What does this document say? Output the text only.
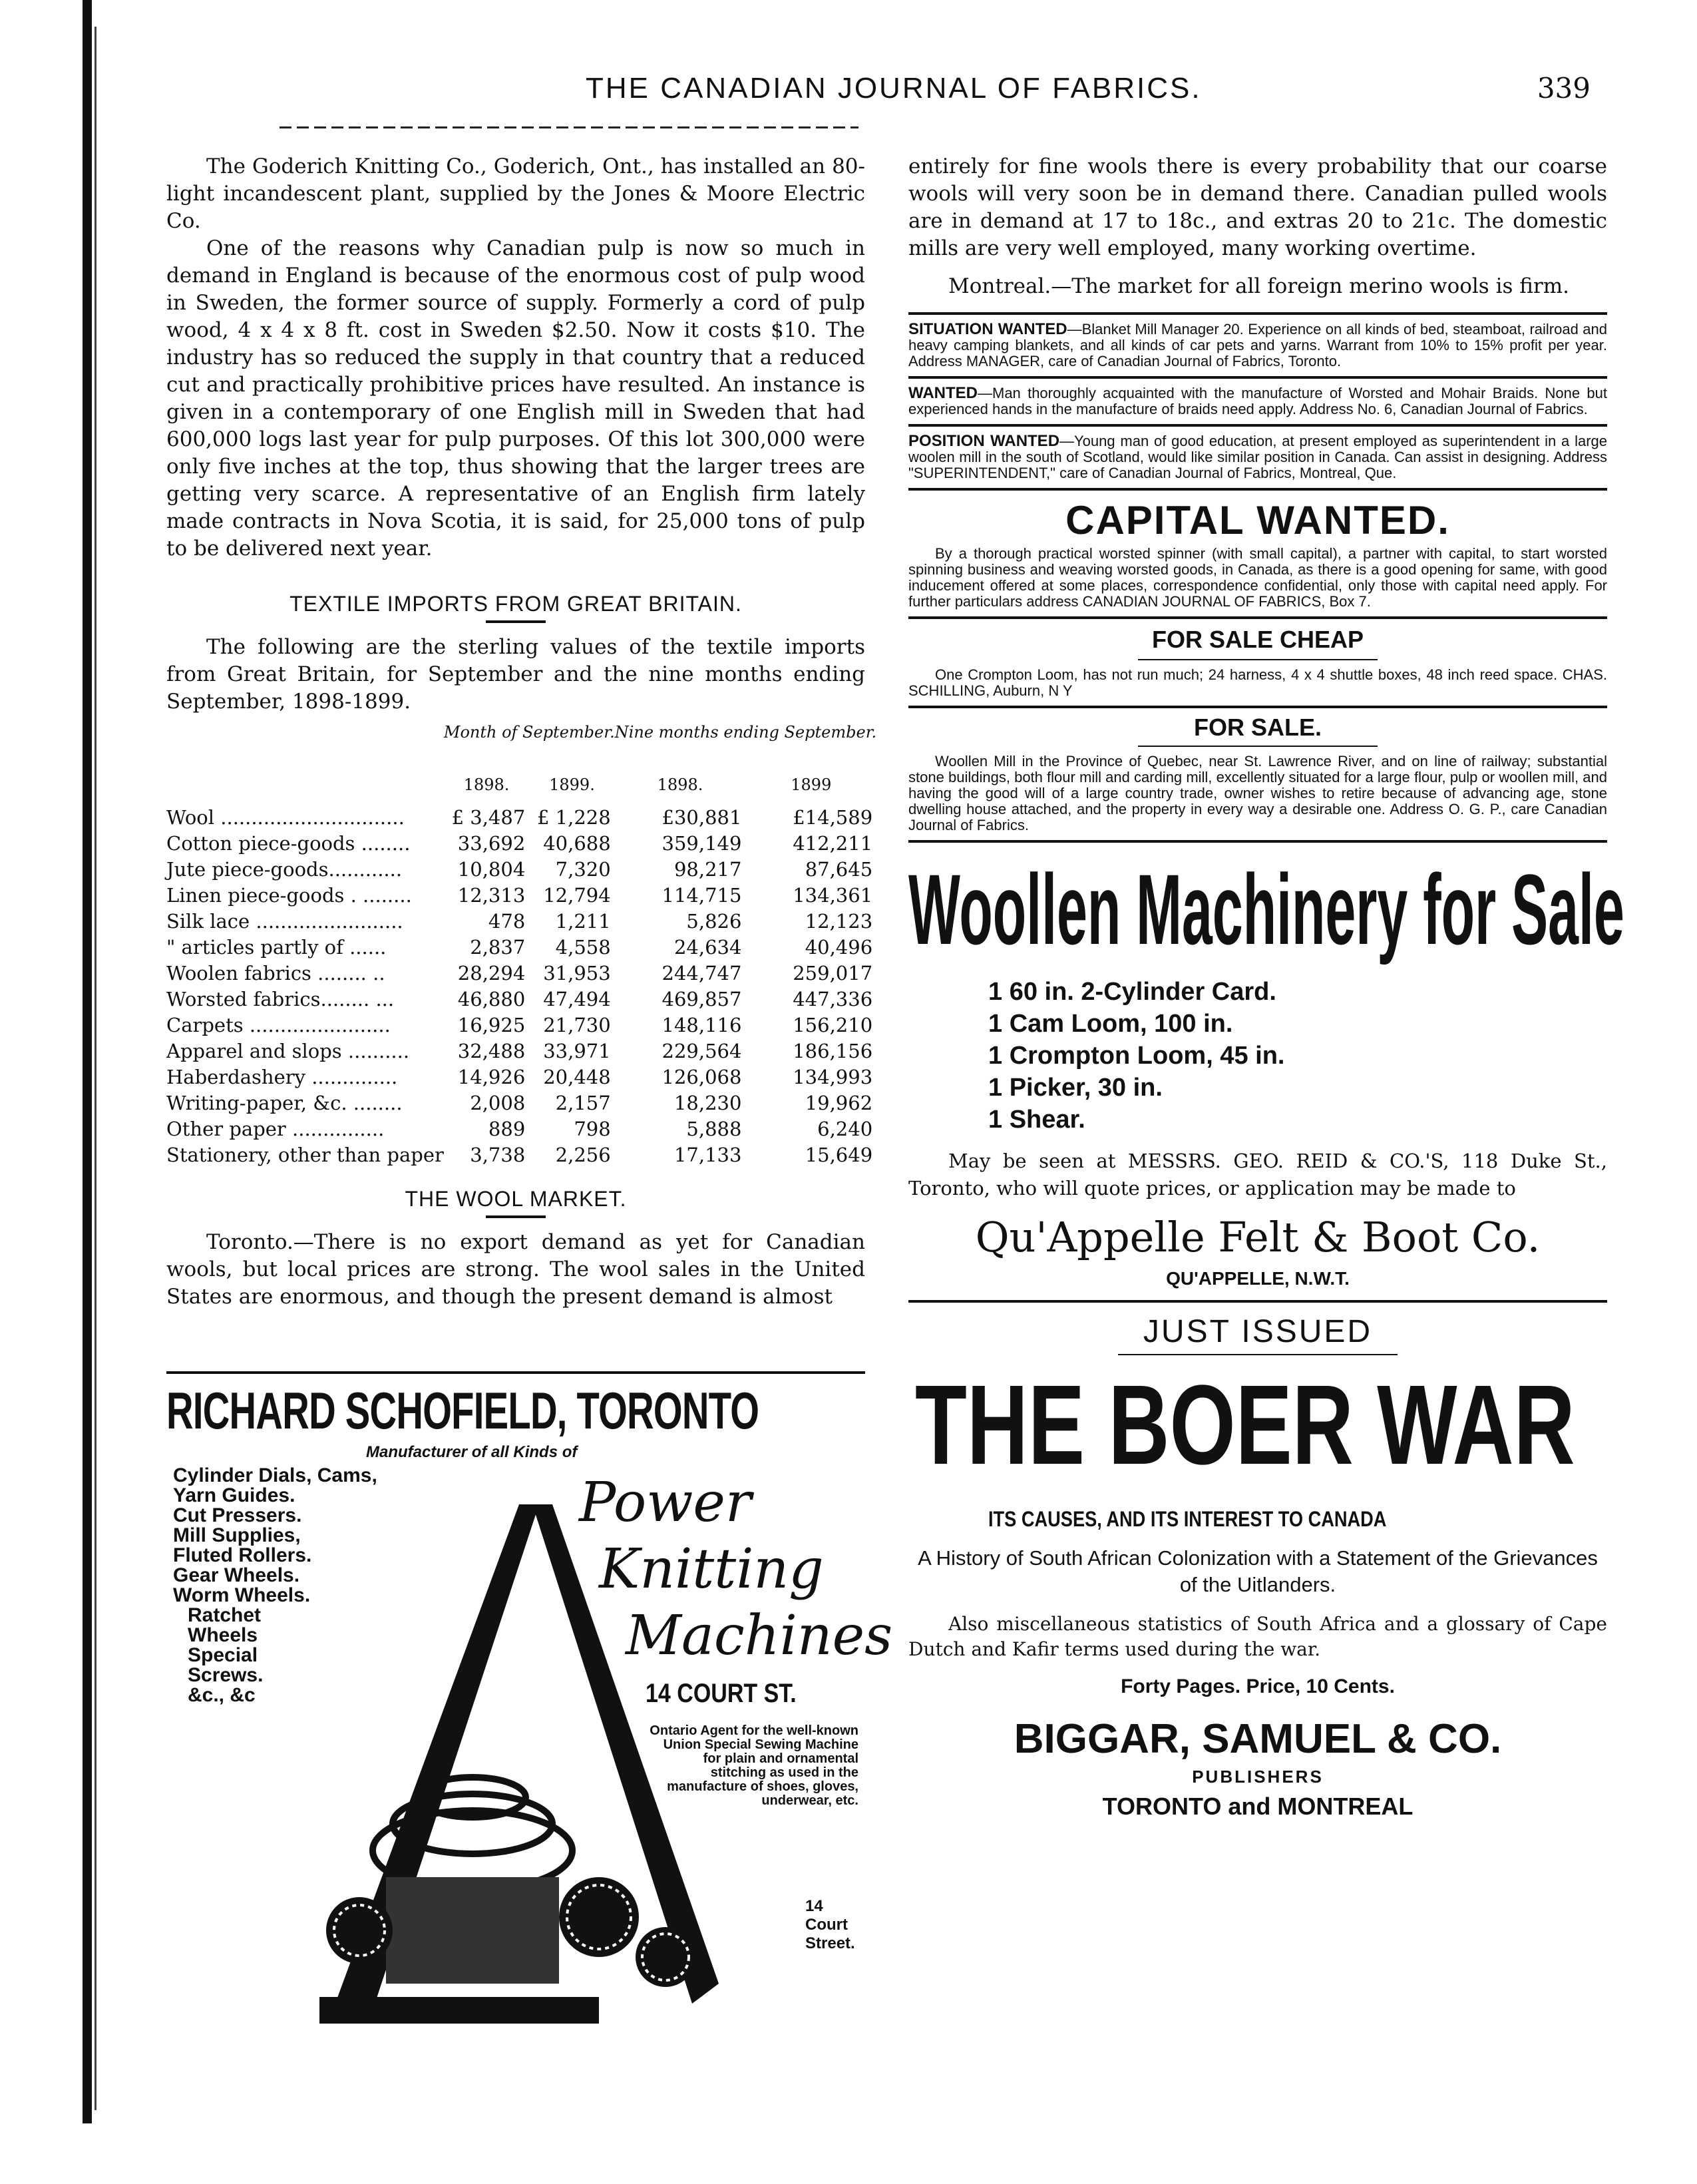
THE CANADIAN JOURNAL OF FABRICS.	339

The Goderich Knitting Co., Goderich, Ont., has installed an 80-light incandescent plant, supplied by the Jones & Moore Electric Co.

One of the reasons why Canadian pulp is now so much in demand in England is because of the enormous cost of pulp wood in Sweden, the former source of supply. Formerly a cord of pulp wood, 4 x 4 x 8 ft. cost in Sweden $2.50. Now it costs $10. The industry has so reduced the supply in that country that a reduced cut and practically prohibitive prices have resulted. An instance is given in a contemporary of one English mill in Sweden that had 600,000 logs last year for pulp purposes. Of this lot 300,000 were only five inches at the top, thus showing that the larger trees are getting very scarce. A representative of an English firm lately made contracts in Nova Scotia, it is said, for 25,000 tons of pulp to be delivered next year.

TEXTILE IMPORTS FROM GREAT BRITAIN.

The following are the sterling values of the textile imports from Great Britain, for September and the nine months ending September, 1898-1899.

	Month of September.		Nine months ending September.	

	1898.	1899.	1898.	1899

Wool ..............................	£ 3,487	£ 1,228	£30,881	£14,589
Cotton piece-goods ........	33,692	40,688	359,149	412,211
Jute piece-goods............	10,804	7,320	98,217	87,645
Linen piece-goods . ........	12,313	12,794	114,715	134,361
Silk lace ........................	478	1,211	5,826	12,123
" articles partly of ......	2,837	4,558	24,634	40,496
Woolen fabrics ........ ..	28,294	31,953	244,747	259,017
Worsted fabrics........ ...	46,880	47,494	469,857	447,336
Carpets .......................	16,925	21,730	148,116	156,210
Apparel and slops ..........	32,488	33,971	229,564	186,156
Haberdashery ..............	14,926	20,448	126,068	134,993
Writing-paper, &c. ........	2,008	2,157	18,230	19,962
Other paper ...............	889	798	5,888	6,240
Stationery, other than paper	3,738	2,256	17,133	15,649
THE WOOL MARKET.

Toronto.—There is no export demand as yet for Canadian wools, but local prices are strong. The wool sales in the United States are enormous, and though the present demand is almost

RICHARD SCHOFIELD, TORONTO
Manufacturer of all Kinds of
Cylinder Dials, Cams,
Yarn Guides.
Cut Pressers.
Mill Supplies,
Fluted Rollers.
Gear Wheels.
Worm Wheels.
Ratchet
Wheels
Special
Screws.
&c., &c
Power
Knitting
Machines
14 COURT ST.
Ontario Agent for the well-known Union Special Sewing Machine for plain and ornamental stitching as used in the manufacture of shoes, gloves, underwear, etc.
14
Court
Street.

entirely for fine wools there is every probability that our coarse wools will very soon be in demand there. Canadian pulled wools are in demand at 17 to 18c., and extras 20 to 21c. The domestic mills are very well employed, many working overtime.

Montreal.—The market for all foreign merino wools is firm.

SITUATION WANTED—Blanket Mill Manager 20. Experience on all kinds of bed, steamboat, railroad and heavy camping blankets, and all kinds of car pets and yarns. Warrant from 10% to 15% profit per year. Address MANAGER, care of Canadian Journal of Fabrics, Toronto.
WANTED—Man thoroughly acquainted with the manufacture of Worsted and Mohair Braids. None but experienced hands in the manufacture of braids need apply. Address No. 6, Canadian Journal of Fabrics.
POSITION WANTED—Young man of good education, at present employed as superintendent in a large woolen mill in the south of Scotland, would like similar position in Canada. Can assist in designing. Address "SUPERINTENDENT," care of Canadian Journal of Fabrics, Montreal, Que.
CAPITAL WANTED.
By a thorough practical worsted spinner (with small capital), a partner with capital, to start worsted spinning business and weaving worsted goods, in Canada, as there is a good opening for same, with good inducement offered at some places, correspondence confidential, only those with capital need apply. For further particulars address CANADIAN JOURNAL OF FABRICS, Box 7.
FOR SALE CHEAP
One Crompton Loom, has not run much; 24 harness, 4 x 4 shuttle boxes, 48 inch reed space. CHAS. SCHILLING, Auburn, N Y
FOR SALE.
Woollen Mill in the Province of Quebec, near St. Lawrence River, and on line of railway; substantial stone buildings, both flour mill and carding mill, excellently situated for a large flour, pulp or woollen mill, and having the good will of a large country trade, owner wishes to retire because of advancing age, stone dwelling house attached, and the property in every way a desirable one. Address O. G. P., care Canadian Journal of Fabrics.
Woollen Machinery for Sale
1 60 in. 2-Cylinder Card.
1 Cam Loom, 100 in.
1 Crompton Loom, 45 in.
1 Picker, 30 in.
1 Shear.

May be seen at MESSRS. GEO. REID & CO.'S, 118 Duke St., Toronto, who will quote prices, or application may be made to

Qu'Appelle Felt & Boot Co.
QU'APPELLE, N.W.T.
JUST ISSUED
THE BOER WAR
ITS CAUSES, AND ITS INTEREST TO CANADA
A History of South African Colonization with a Statement of the Grievances of the Uitlanders.

Also miscellaneous statistics of South Africa and a glossary of Cape Dutch and Kafir terms used during the war.

Forty Pages. Price, 10 Cents.
BIGGAR, SAMUEL & CO.
PUBLISHERS
TORONTO and MONTREAL
